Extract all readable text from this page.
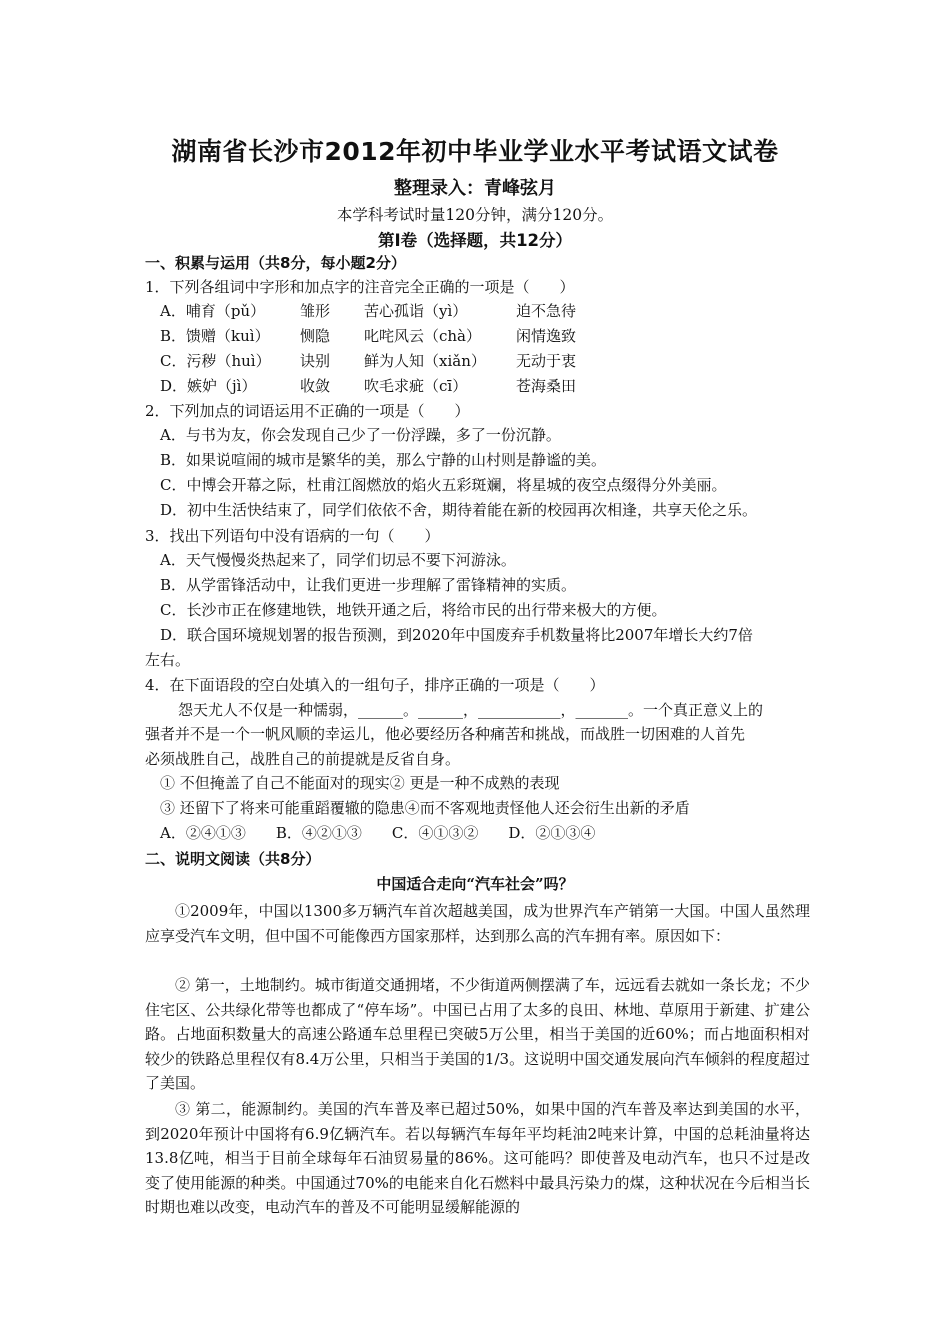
湖南省长沙市2012年初中毕业学业水平考试语文试卷
整理录入：青峰弦月
本学科考试时量120分钟，满分120分。
第Ⅰ卷（选择题，共12分）
一、积累与运用（共8分，每小题2分）
1．下列各组词中字形和加点字的注音完全正确的一项是（　　）
A．哺育（pǔ） 雏形 苦心孤诣（yì）	迫不急待
B．馈赠（kuì） 恻隐 叱咤风云（chà） 闲情逸致
C．污秽（huì） 诀别 鲜为人知（xiǎn） 无动于衷
D．嫉妒（jì）	收敛 吹毛求疵（cī）	苍海桑田
2．下列加点的词语运用不正确的一项是（　　）
A．与书为友，你会发现自己少了一份浮躁，多了一份沉静。
B．如果说喧闹的城市是繁华的美，那么宁静的山村则是静谧的美。
C．中博会开幕之际，杜甫江阁燃放的焰火五彩斑斓，将星城的夜空点缀得分外美丽。
D．初中生活快结束了，同学们依依不舍，期待着能在新的校园再次相逢，共享天伦之乐。
3．找出下列语句中没有语病的一句（　　）
A．天气慢慢炎热起来了，同学们切忌不要下河游泳。
B．从学雷锋活动中，让我们更进一步理解了雷锋精神的实质。
C．长沙市正在修建地铁，地铁开通之后，将给市民的出行带来极大的方便。
D．联合国环境规划署的报告预测，到2020年中国废弃手机数量将比2007年增长大约7倍
左右。
4．在下面语段的空白处填入的一组句子，排序正确的一项是（　　）
怨天尤人不仅是一种懦弱，______。______，___________，_______。一个真正意义上的
强者并不是一个一帆风顺的幸运儿，他必要经历各种痛苦和挑战，而战胜一切困难的人首先
必须战胜自己，战胜自己的前提就是反省自身。
① 不但掩盖了自己不能面对的现实② 更是一种不成熟的表现
③ 还留下了将来可能重蹈覆辙的隐患④而不客观地责怪他人还会衍生出新的矛盾
A．②④①③　　B．④②①③　　C．④①③②　　D．②①③④
二、说明文阅读（共8分）
中国适合走向“汽车社会”吗？
①2009年，中国以1300多万辆汽车首次超越美国，成为世界汽车产销第一大国。中国人虽然理应享受汽车文明，但中国不可能像西方国家那样，达到那么高的汽车拥有率。原因如下：
② 第一，土地制约。城市街道交通拥堵，不少街道两侧摆满了车，远远看去就如一条长龙；不少住宅区、公共绿化带等也都成了“停车场”。中国已占用了太多的良田、林地、草原用于新建、扩建公路。占地面积数量大的高速公路通车总里程已突破5万公里，相当于美国的近60%；而占地面积相对较少的铁路总里程仅有8.4万公里，只相当于美国的1/3。这说明中国交通发展向汽车倾斜的程度超过了美国。
③ 第二，能源制约。美国的汽车普及率已超过50%，如果中国的汽车普及率达到美国的水平，到2020年预计中国将有6.9亿辆汽车。若以每辆汽车每年平均耗油2吨来计算，中国的总耗油量将达13.8亿吨，相当于目前全球每年石油贸易量的86%。这可能吗？即使普及电动汽车，也只不过是改变了使用能源的种类。中国通过70%的电能来自化石燃料中最具污染力的煤，这种状况在今后相当长时期也难以改变，电动汽车的普及不可能明显缓解能源的
